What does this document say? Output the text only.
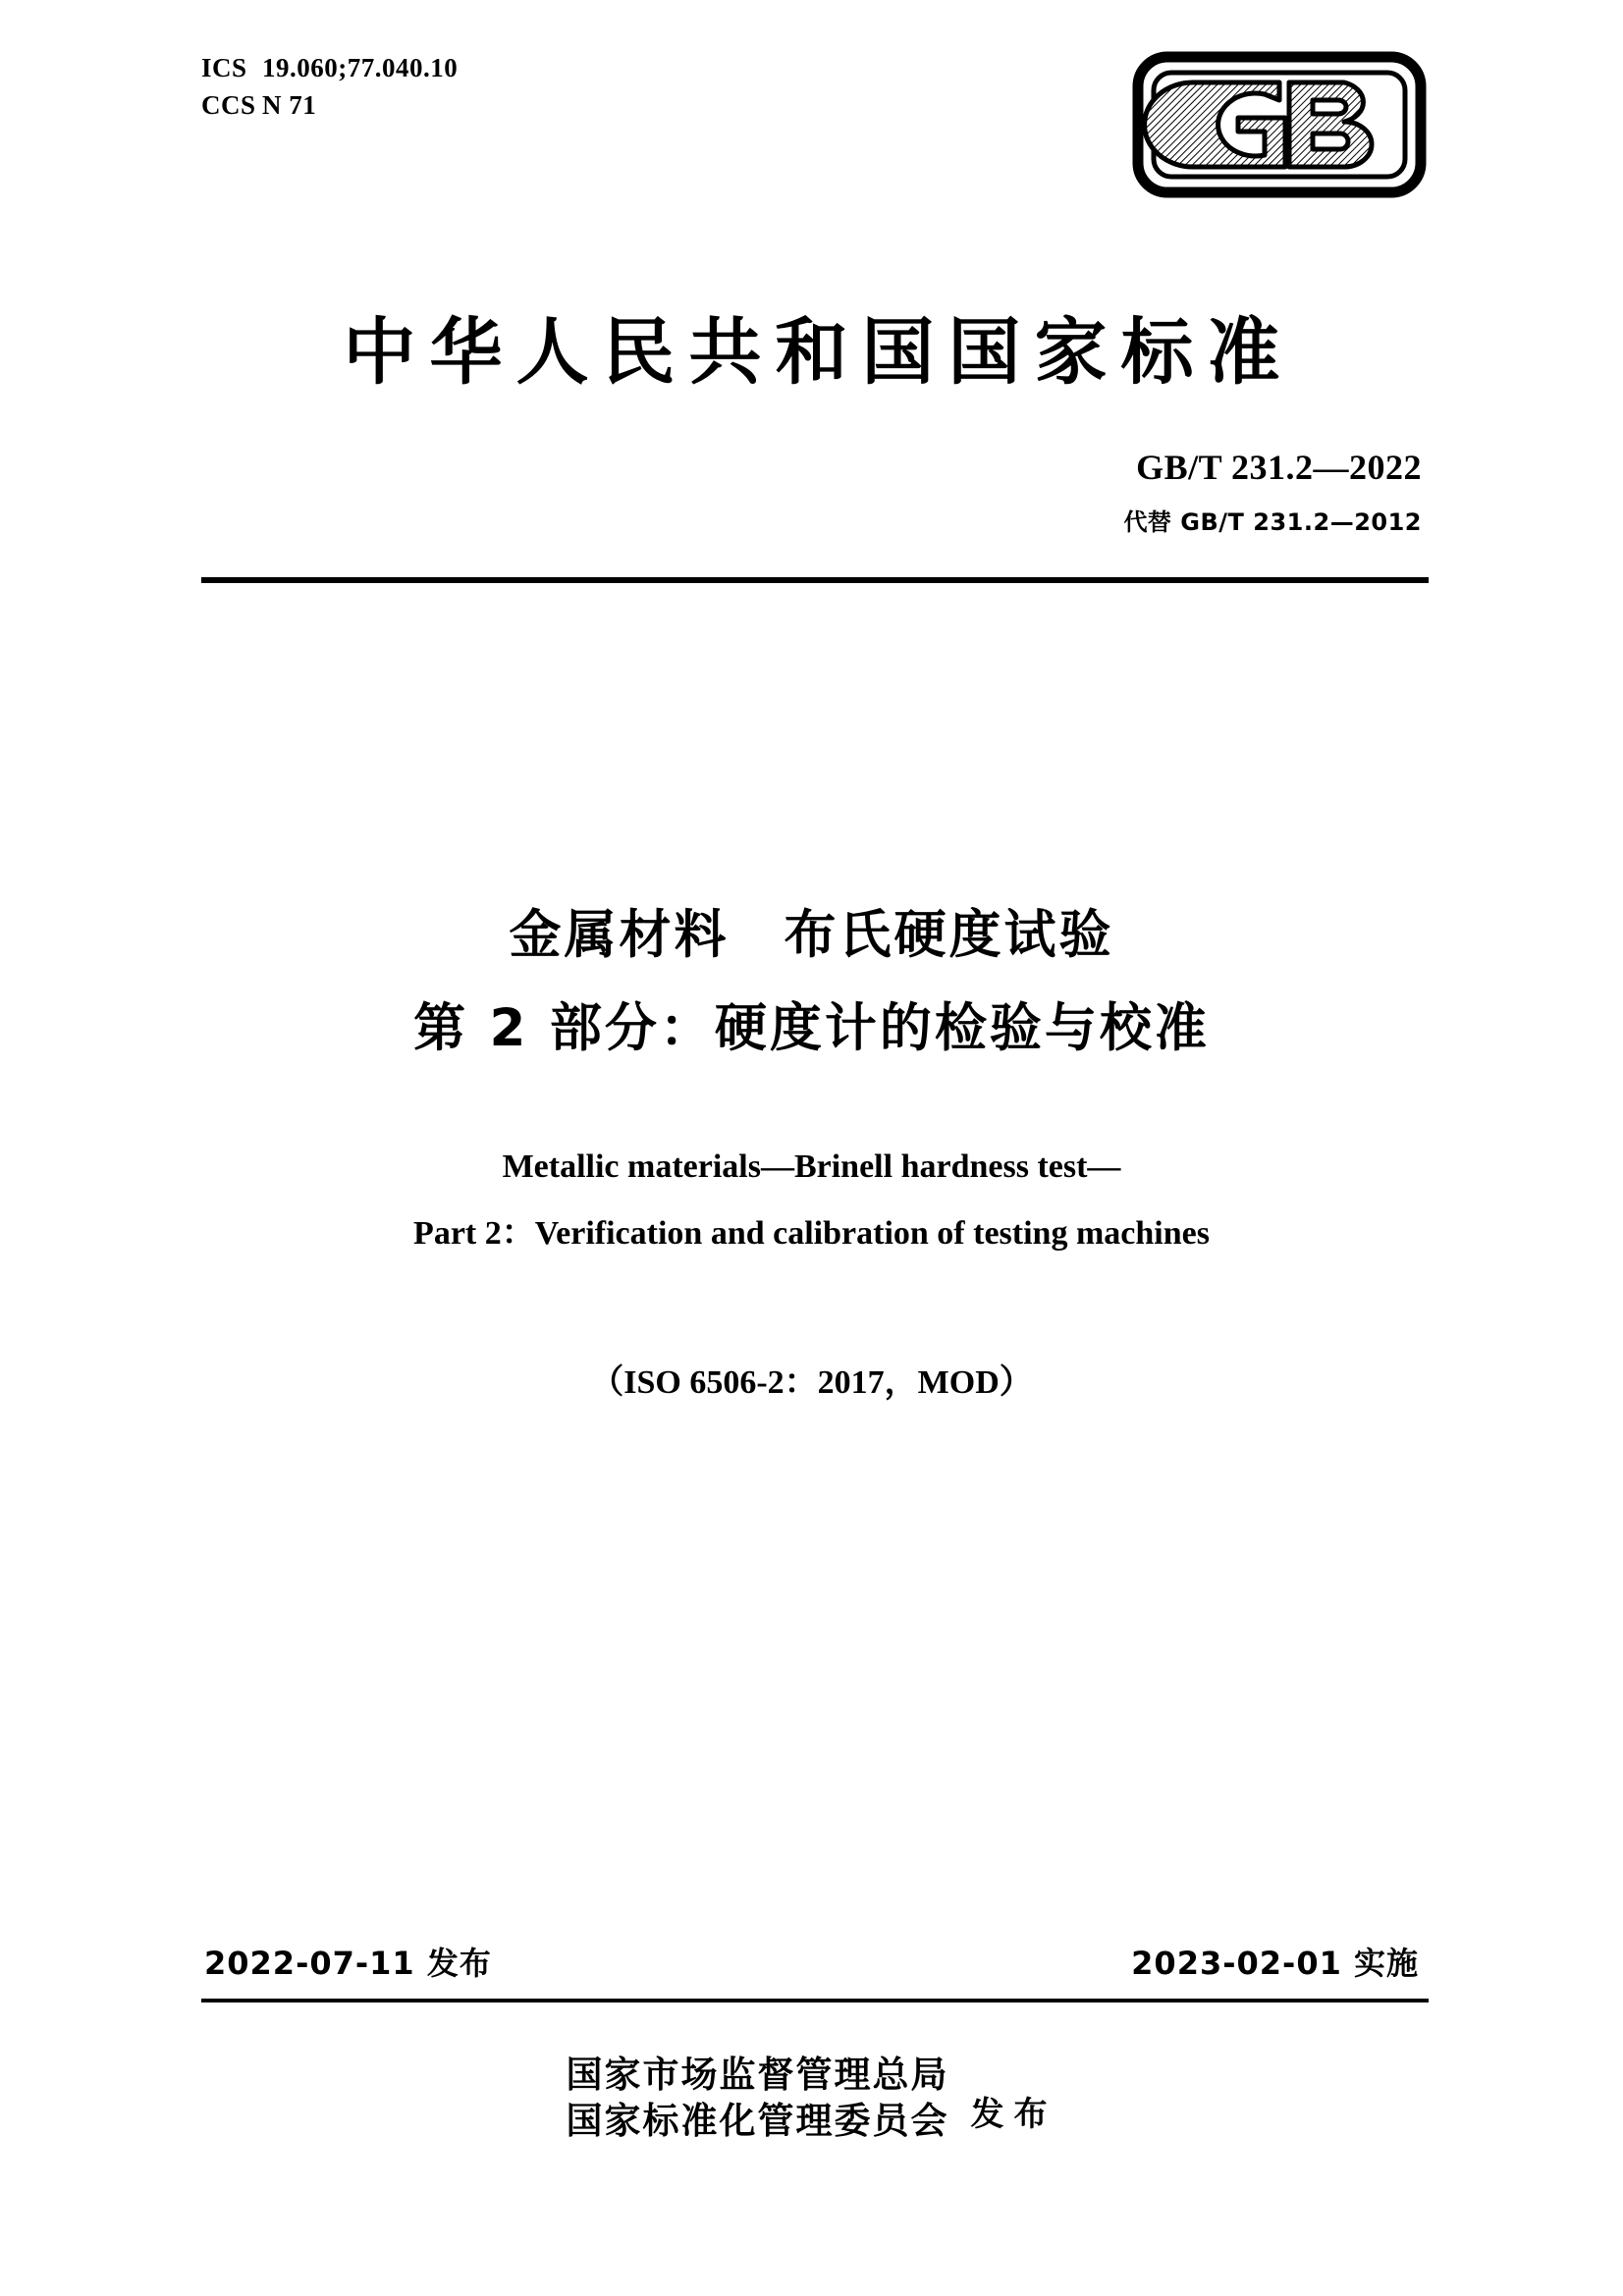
ICS 19.060;77.040.10
CCS N 71
中华人民共和国国家标准
GB/T 231.2—2022
代替 GB/T 231.2—2012
金属材料　布氏硬度试验
第 2 部分：硬度计的检验与校准
Metallic materials—Brinell hardness test—
Part 2：Verification and calibration of testing machines
（ISO 6506-2：2017，MOD）
2022-07-11 发布	2023-02-01 实施
国家市场监督管理总局
国家标准化管理委员会 发布
